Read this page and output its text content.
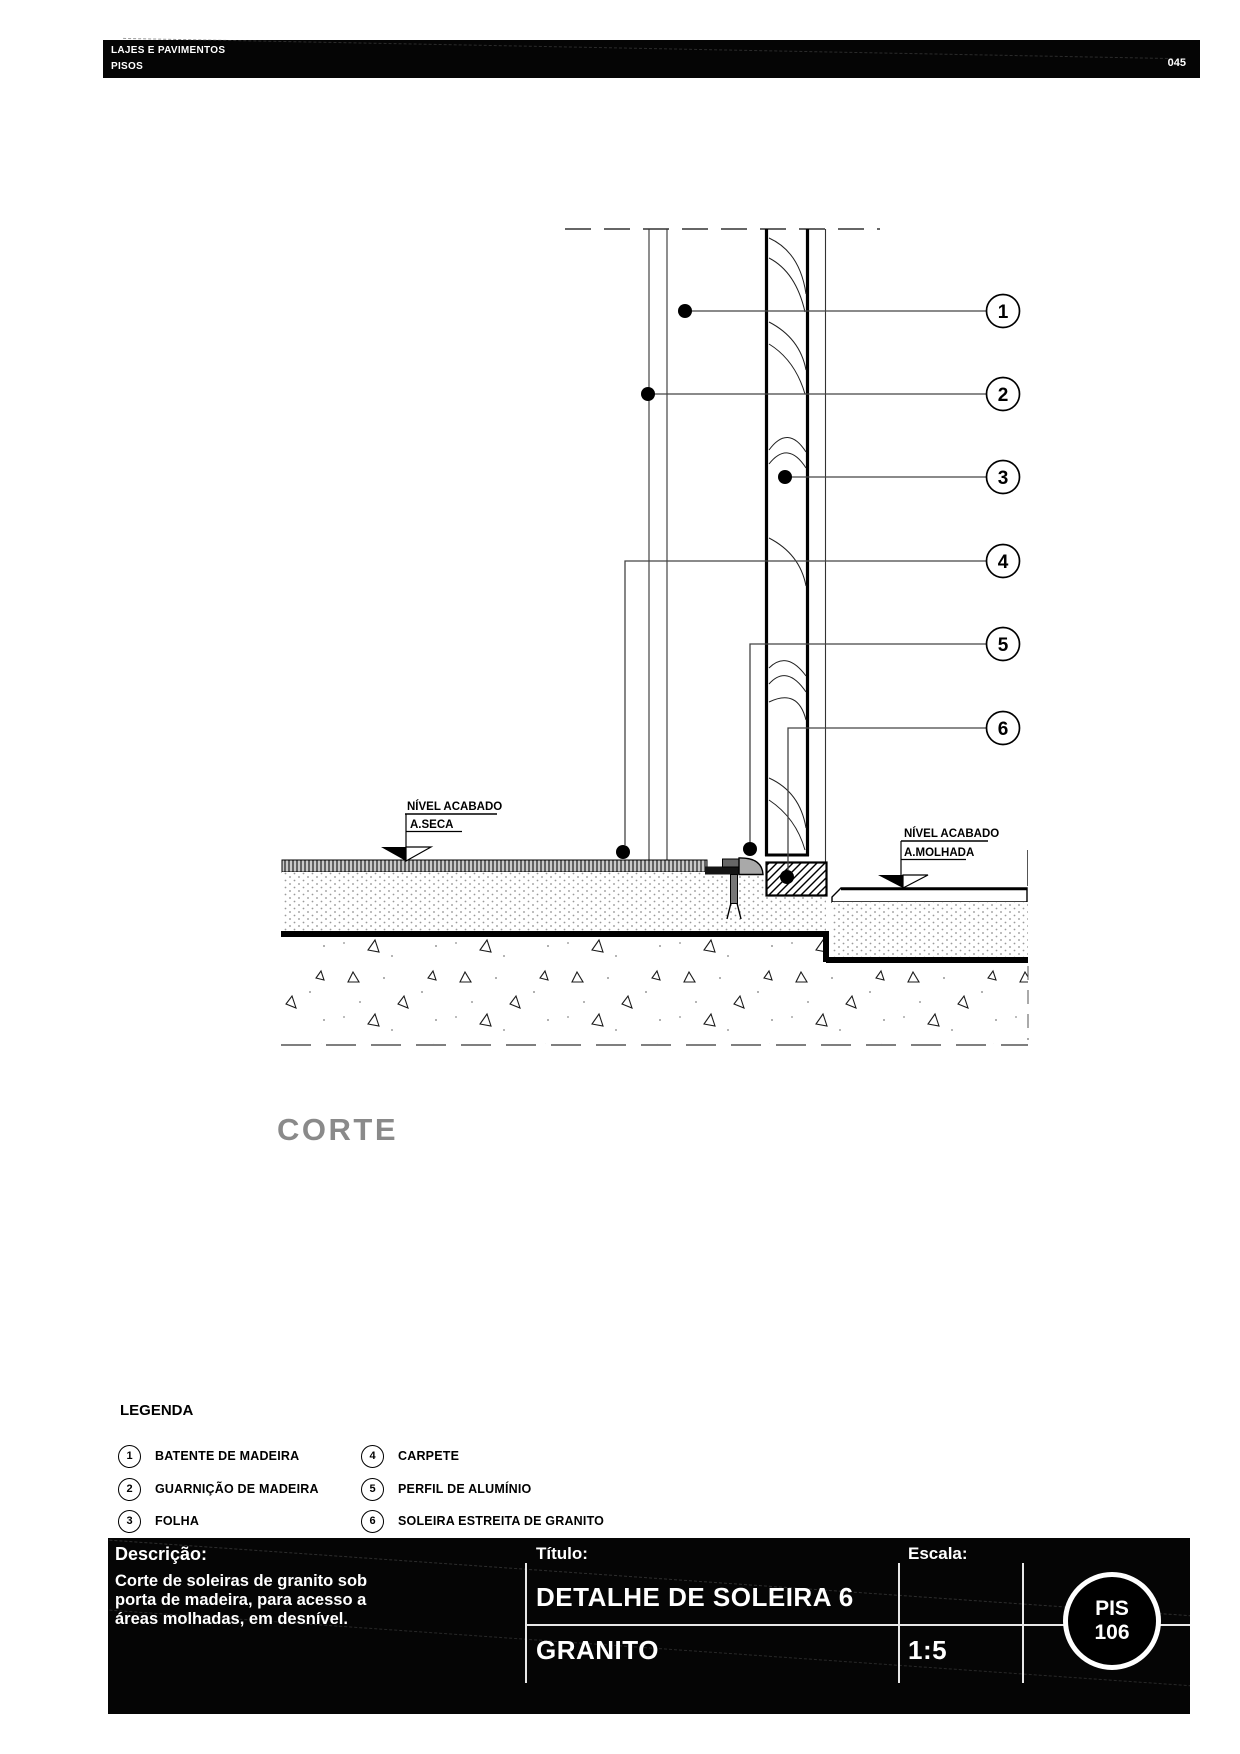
LAJES E PAVIMENTOS
PISOS	045
NÍVEL ACABADO
A.SECA
NÍVEL ACABADO
A.MOLHADA
1
2
3
4
5
6
CORTE
LEGENDA
1	BATENTE DE MADEIRA
2	GUARNIÇÃO DE MADEIRA
3	FOLHA
4	CARPETE
5	PERFIL DE ALUMÍNIO
6	SOLEIRA ESTREITA DE GRANITO
Descrição:
Corte de soleiras de granito sob
porta de madeira, para acesso a
áreas molhadas, em desnível.
Título:
DETALHE DE SOLEIRA 6
GRANITO
Escala:
1:5
PIS
106
